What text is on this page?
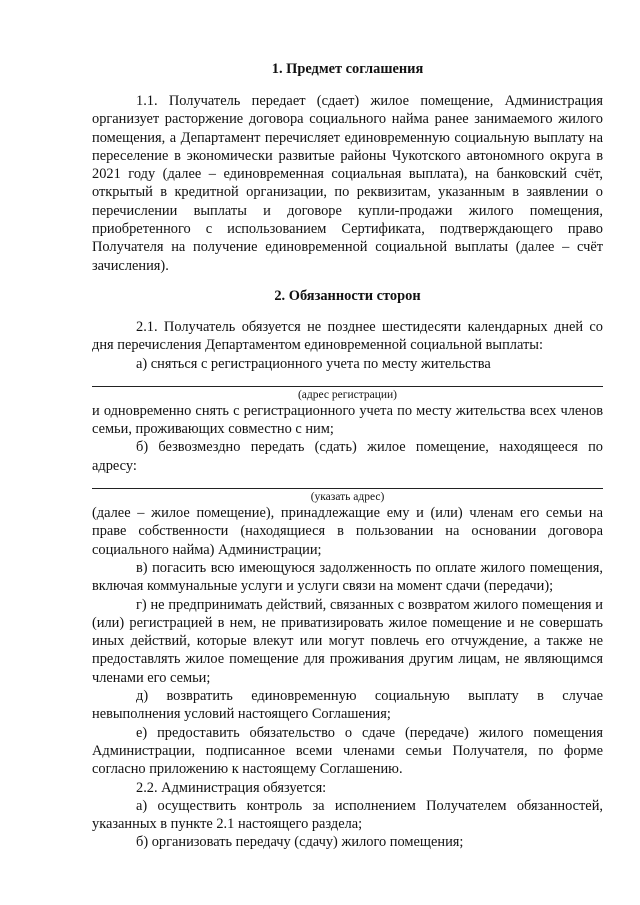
1. Предмет соглашения

1.1. Получатель передает (сдает) жилое помещение, Администрация организует расторжение договора социального найма ранее занимаемого жилого помещения, а Департамент перечисляет единовременную социальную выплату на переселение в экономически развитые районы Чукотского автономного округа в 2021 году (далее – единовременная социальная выплата), на банковский счёт, открытый в кредитной организации, по реквизитам, указанным в заявлении о перечислении выплаты и договоре купли-продажи жилого помещения, приобретенного с использованием Сертификата, подтверждающего право Получателя на получение единовременной социальной выплаты (далее – счёт зачисления).

2. Обязанности сторон

2.1. Получатель обязуется не позднее шестидесяти календарных дней со дня перечисления Департаментом единовременной социальной выплаты:

а) сняться с регистрационного учета по месту жительства

(адрес регистрации)

и одновременно снять с регистрационного учета по месту жительства всех членов семьи, проживающих совместно с ним;

б) безвозмездно передать (сдать) жилое помещение, находящееся по адресу:

(указать адрес)

(далее – жилое помещение), принадлежащие ему и (или) членам его семьи на праве собственности (находящиеся в пользовании на основании договора социального найма) Администрации;

в) погасить всю имеющуюся задолженность по оплате жилого помещения, включая коммунальные услуги и услуги связи на момент сдачи (передачи);

г) не предпринимать действий, связанных с возвратом жилого помещения и (или) регистрацией в нем, не приватизировать жилое помещение и не совершать иных действий, которые влекут или могут повлечь его отчуждение, а также не предоставлять жилое помещение для проживания другим лицам, не являющимся членами его семьи;

д) возвратить единовременную социальную выплату в случае невыполнения условий настоящего Соглашения;

е) предоставить обязательство о сдаче (передаче) жилого помещения Администрации, подписанное всеми членами семьи Получателя, по форме согласно приложению к настоящему Соглашению.

2.2. Администрация обязуется:

а) осуществить контроль за исполнением Получателем обязанностей, указанных в пункте 2.1 настоящего раздела;

б) организовать передачу (сдачу) жилого помещения;
